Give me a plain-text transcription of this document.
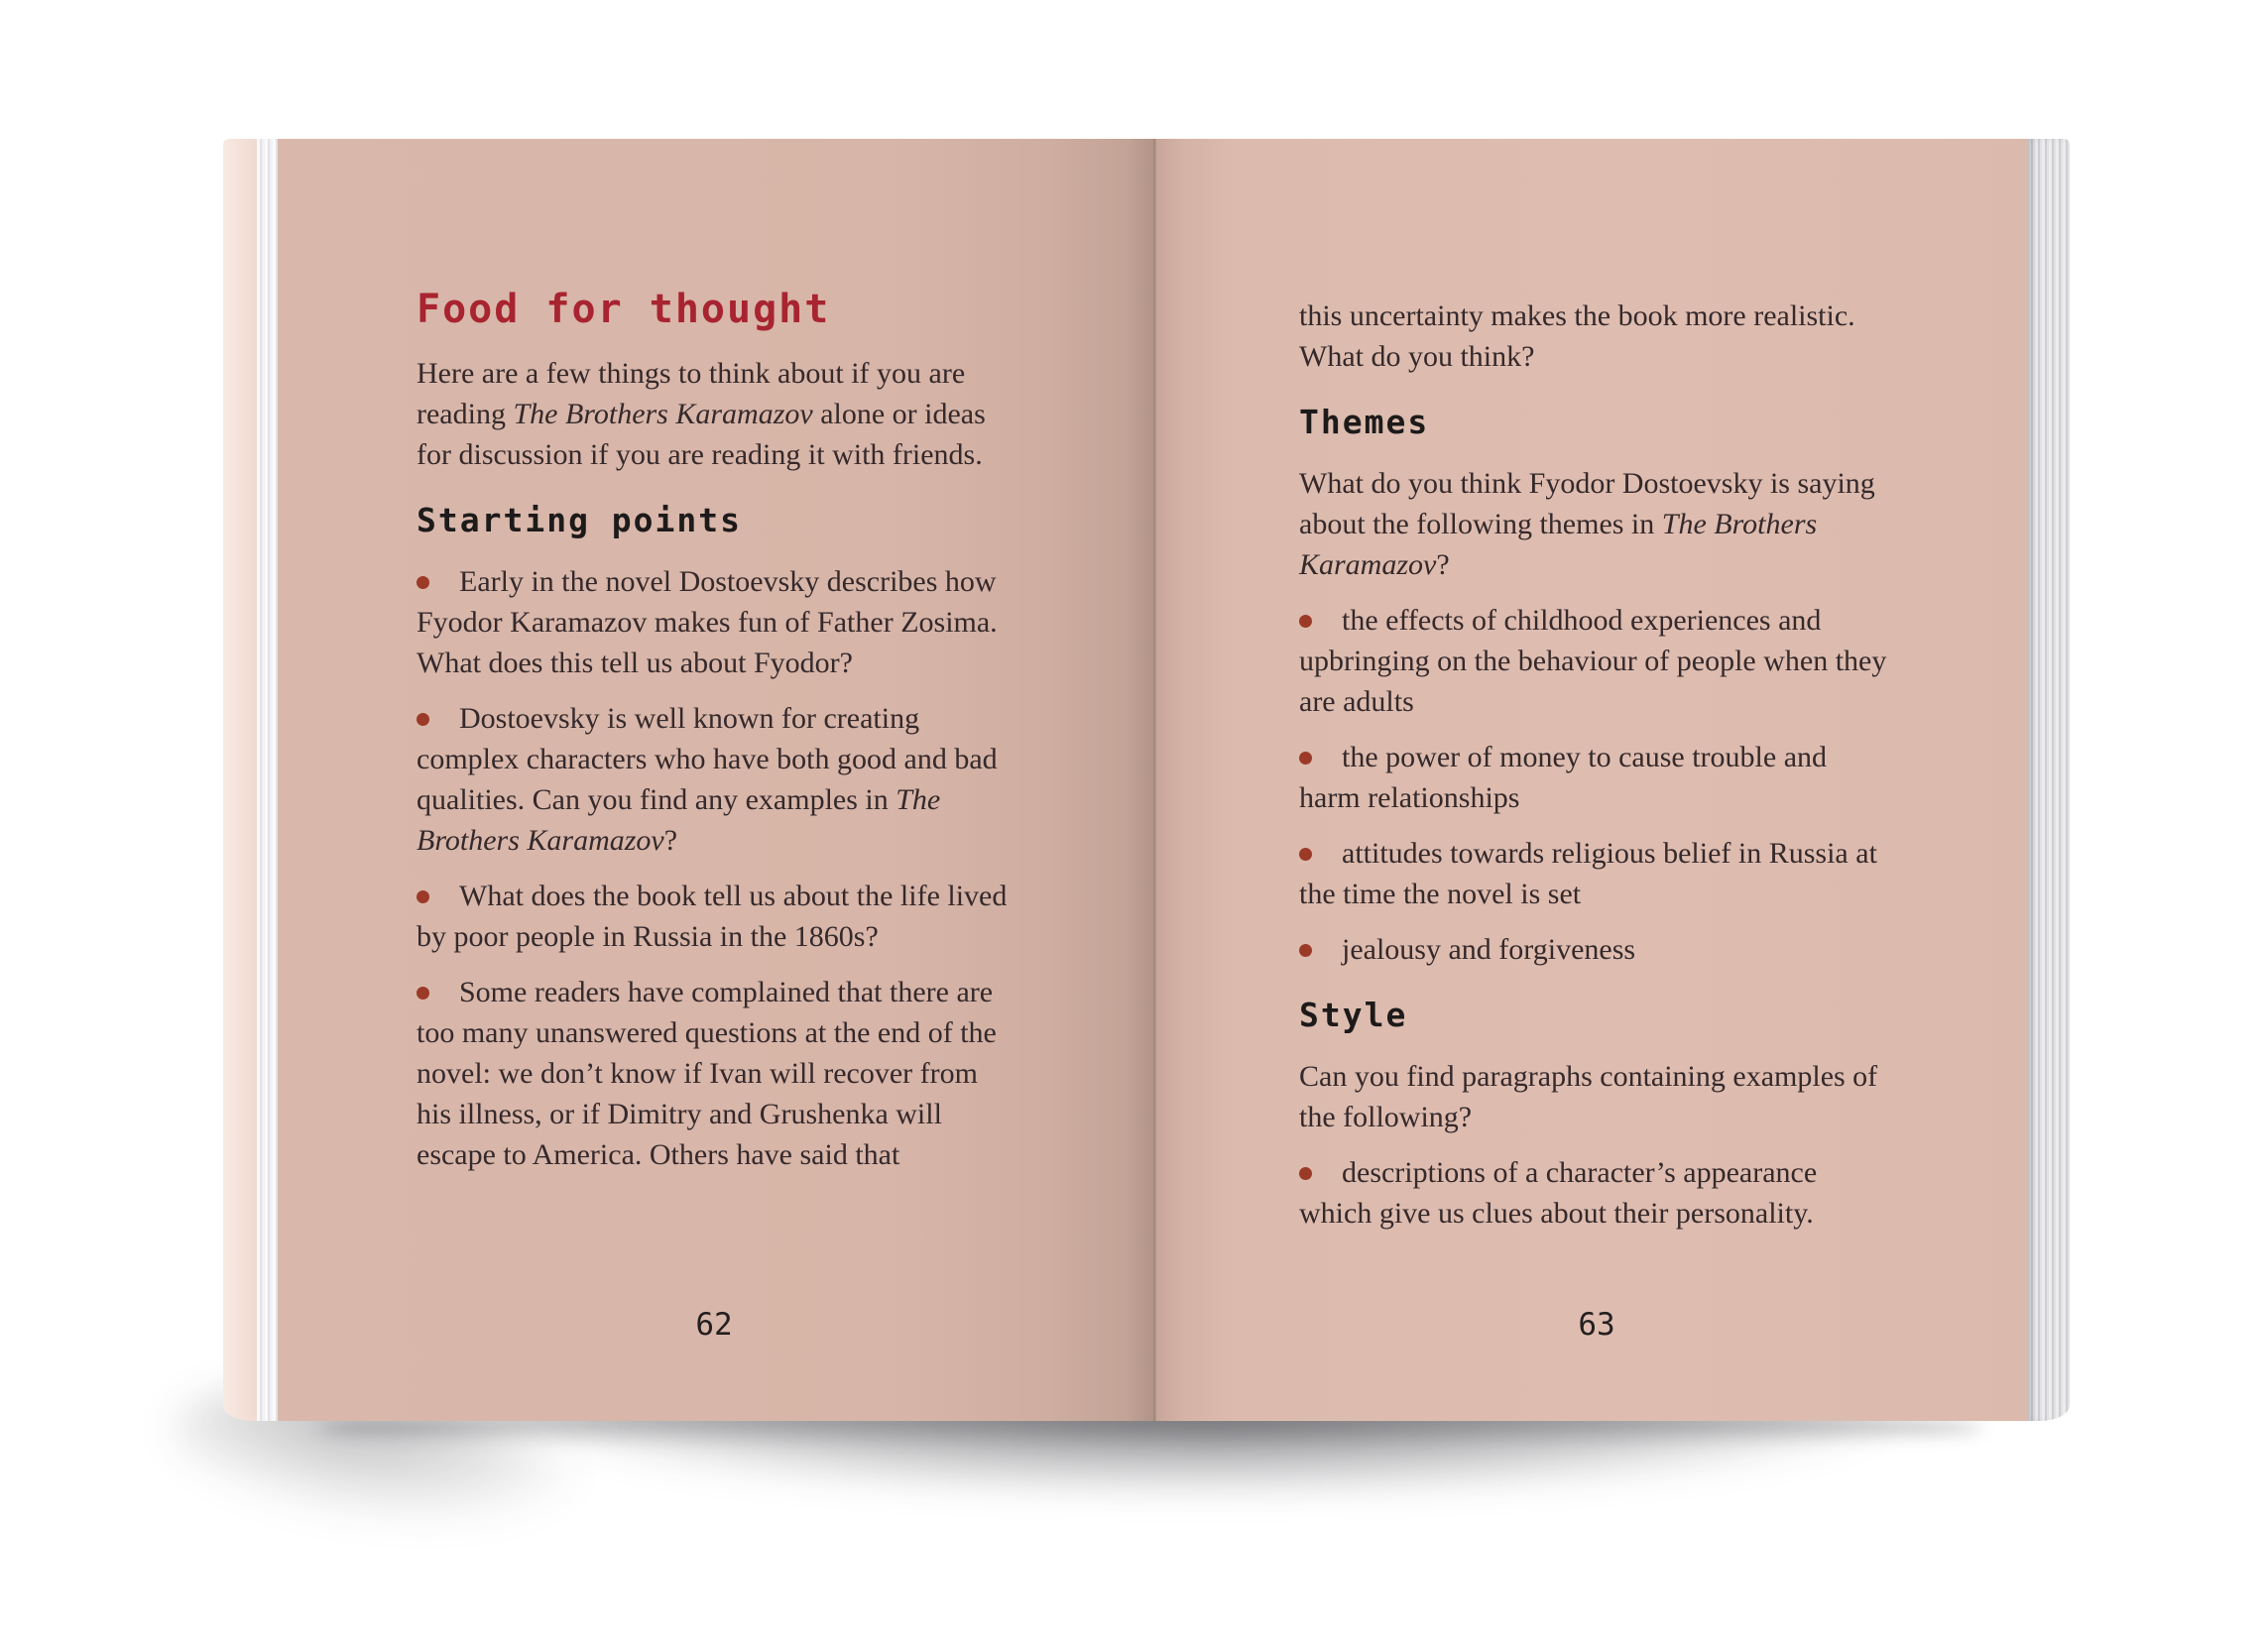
Food for thought

Here are a few things to think about if you are reading The Brothers Karamazov alone or ideas for discussion if you are reading it with friends.

Starting points

Early in the novel Dostoevsky describes how Fyodor Karamazov makes fun of Father Zosima. What does this tell us about Fyodor?

Dostoevsky is well known for creating complex characters who have both good and bad qualities. Can you find any examples in The Brothers Karamazov?

What does the book tell us about the life lived by poor people in Russia in the 1860s?

Some readers have complained that there are too many unanswered questions at the end of the novel: we don’t know if Ivan will recover from his illness, or if Dimitry and Grushenka will escape to America. Others have said that

62

this uncertainty makes the book more realistic. What do you think?

Themes

What do you think Fyodor Dostoevsky is saying about the following themes in The Brothers Karamazov?

the effects of childhood experiences and upbringing on the behaviour of people when they are adults

the power of money to cause trouble and harm relationships

attitudes towards religious belief in Russia at the time the novel is set

jealousy and forgiveness

Style

Can you find paragraphs containing examples of the following?

descriptions of a character’s appearance which give us clues about their personality.

63
